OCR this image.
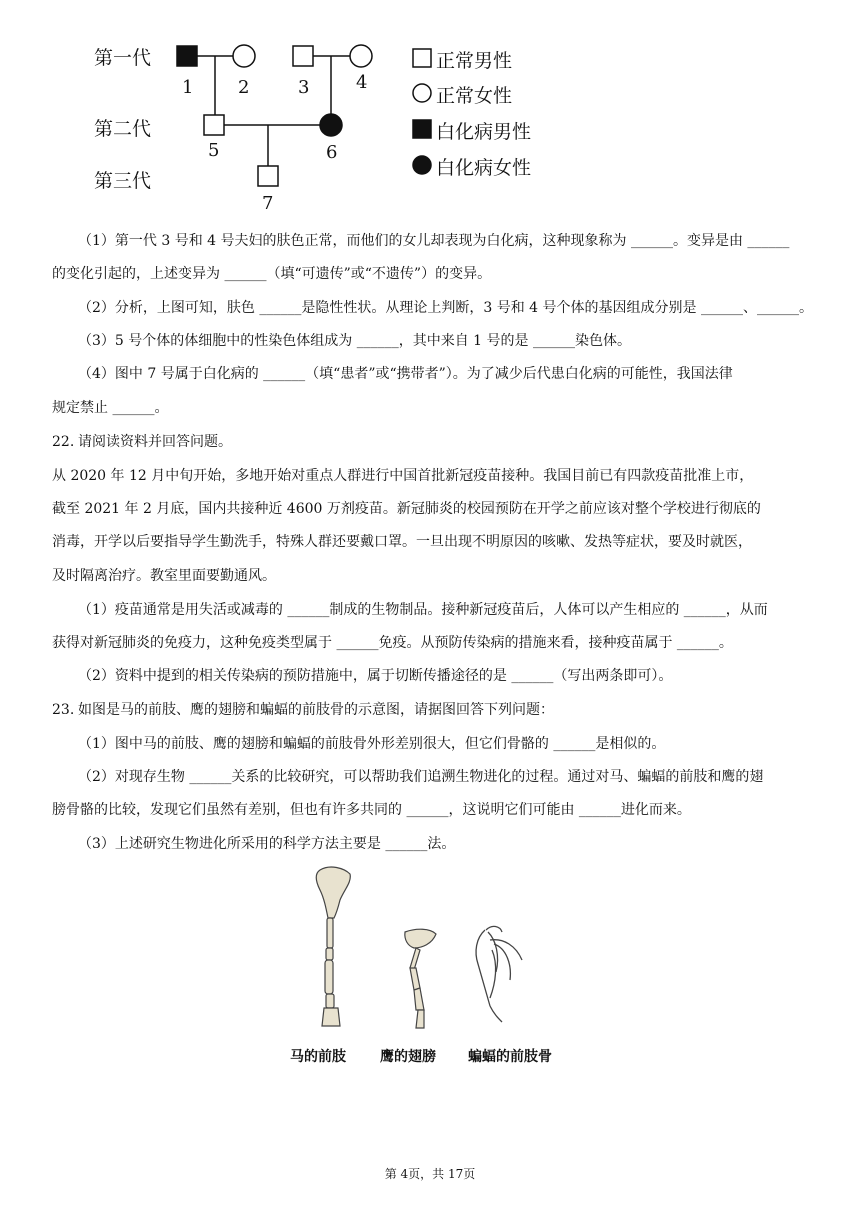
第一代
第二代
第三代
1 2	3	4
5	6
7
正常男性
正常女性
白化病男性
白化病女性
（1）第一代 3 号和 4 号夫妇的肤色正常，而他们的女儿却表现为白化病，这种现象称为 ______。变异是由 ______
的变化引起的，上述变异为 ______（填“可遗传”或“不遗传”）的变异。
（2）分析，上图可知，肤色 ______是隐性性状。从理论上判断，3 号和 4 号个体的基因组成分别是 ______、______。
（3）5 号个体的体细胞中的性染色体组成为 ______，其中来自 1 号的是 ______染色体。
（4）图中 7 号属于白化病的 ______（填“患者”或“携带者”）。为了减少后代患白化病的可能性，我国法律
规定禁止 ______。
22. 请阅读资料并回答问题。
从 2020 年 12 月中旬开始，多地开始对重点人群进行中国首批新冠疫苗接种。我国目前已有四款疫苗批准上市，
截至 2021 年 2 月底，国内共接种近 4600 万剂疫苗。新冠肺炎的校园预防在开学之前应该对整个学校进行彻底的
消毒，开学以后要指导学生勤洗手，特殊人群还要戴口罩。一旦出现不明原因的咳嗽、发热等症状，要及时就医，
及时隔离治疗。教室里面要勤通风。
（1）疫苗通常是用失活或减毒的 ______制成的生物制品。接种新冠疫苗后，人体可以产生相应的 ______，从而
获得对新冠肺炎的免疫力，这种免疫类型属于 ______免疫。从预防传染病的措施来看，接种疫苗属于 ______。
（2）资料中提到的相关传染病的预防措施中，属于切断传播途径的是 ______（写出两条即可）。
23. 如图是马的前肢、鹰的翅膀和蝙蝠的前肢骨的示意图，请据图回答下列问题：
（1）图中马的前肢、鹰的翅膀和蝙蝠的前肢骨外形差别很大，但它们骨骼的 ______是相似的。
（2）对现存生物 ______关系的比较研究，可以帮助我们追溯生物进化的过程。通过对马、蝙蝠的前肢和鹰的翅
膀骨骼的比较，发现它们虽然有差别，但也有许多共同的 ______，这说明它们可能由 ______进化而来。
（3）上述研究生物进化所采用的科学方法主要是 ______法。
马的前肢 鹰的翅膀 蝙蝠的前肢骨
第 4页，共 17页
